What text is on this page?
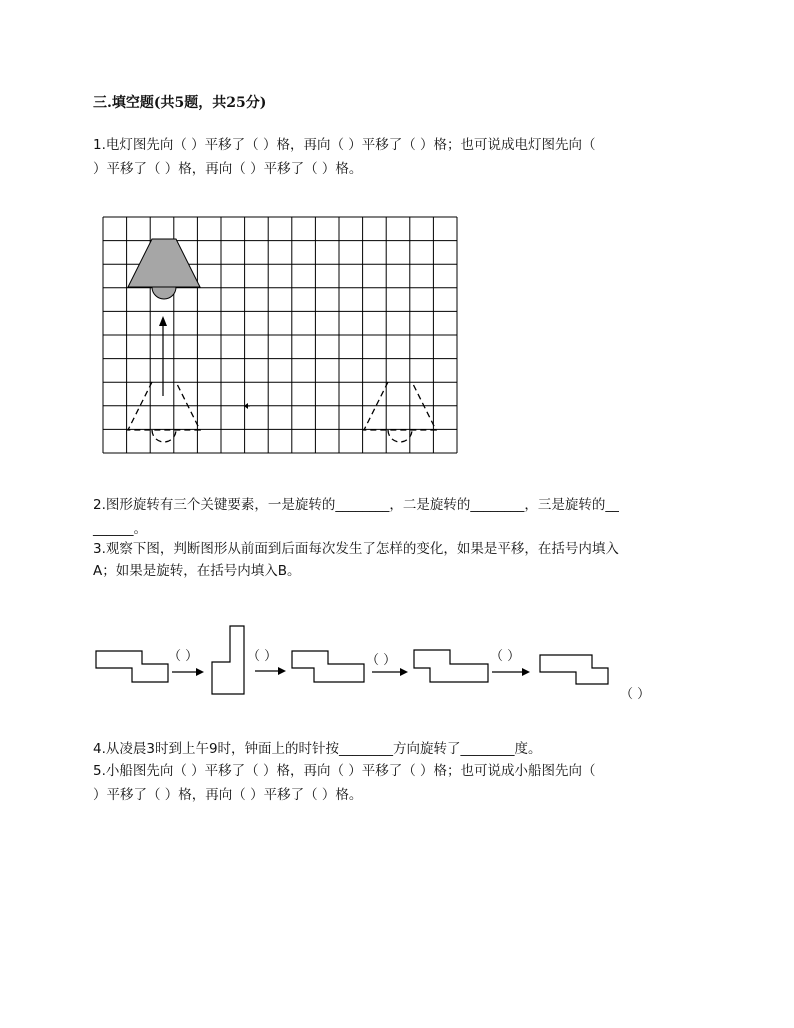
三.填空题(共5题，共25分)
1.电灯图先向（ ）平移了（ ）格，再向（ ）平移了（ ）格；也可说成电灯图先向（
）平移了（ ）格，再向（ ）平移了（ ）格。
2.图形旋转有三个关键要素，一是旋转的________，二是旋转的________，三是旋转的__
______。
3.观察下图，判断图形从前面到后面每次发生了怎样的变化，如果是平移，在括号内填入
A；如果是旋转，在括号内填入B。
（ ）	（ ）	（ ）	（ ）
（ ）
4.从凌晨3时到上午9时，钟面上的时针按________方向旋转了________度。
5.小船图先向（ ）平移了（ ）格，再向（ ）平移了（ ）格；也可说成小船图先向（
）平移了（ ）格，再向（ ）平移了（ ）格。
